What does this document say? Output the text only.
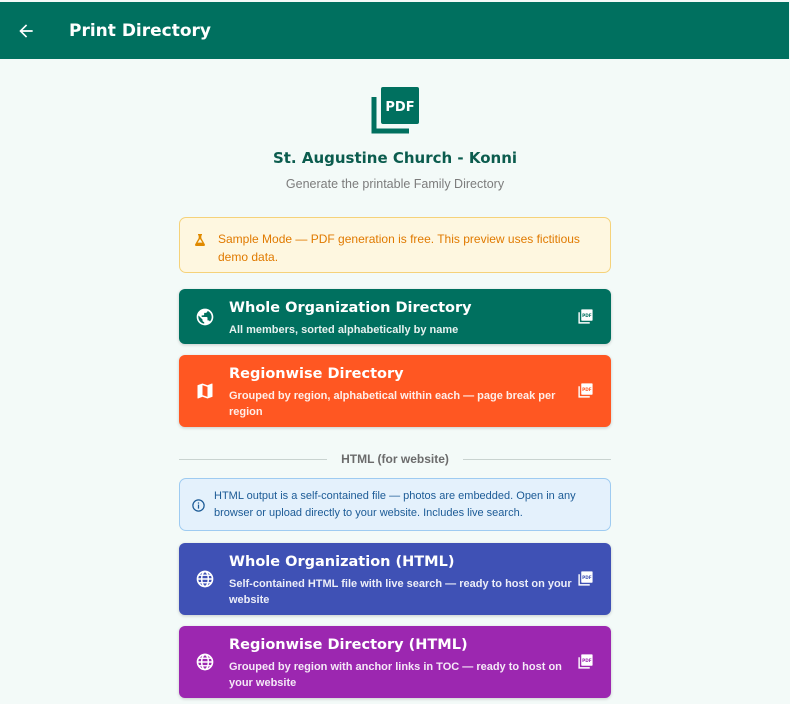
Print Directory
PDF
St. Augustine Church - Konni
Generate the printable Family Directory
Sample Mode — PDF generation is free. This preview uses fictitious demo data.
Whole Organization Directory
All members, sorted alphabetically by name
PDF
Regionwise Directory
Grouped by region, alphabetical within each — page break per region
PDF
HTML (for website)
HTML output is a self-contained file — photos are embedded. Open in any browser or upload directly to your website. Includes live search.
Whole Organization (HTML)
Self-contained HTML file with live search — ready to host on your website
PDF
Regionwise Directory (HTML)
Grouped by region with anchor links in TOC — ready to host on your website
PDF
